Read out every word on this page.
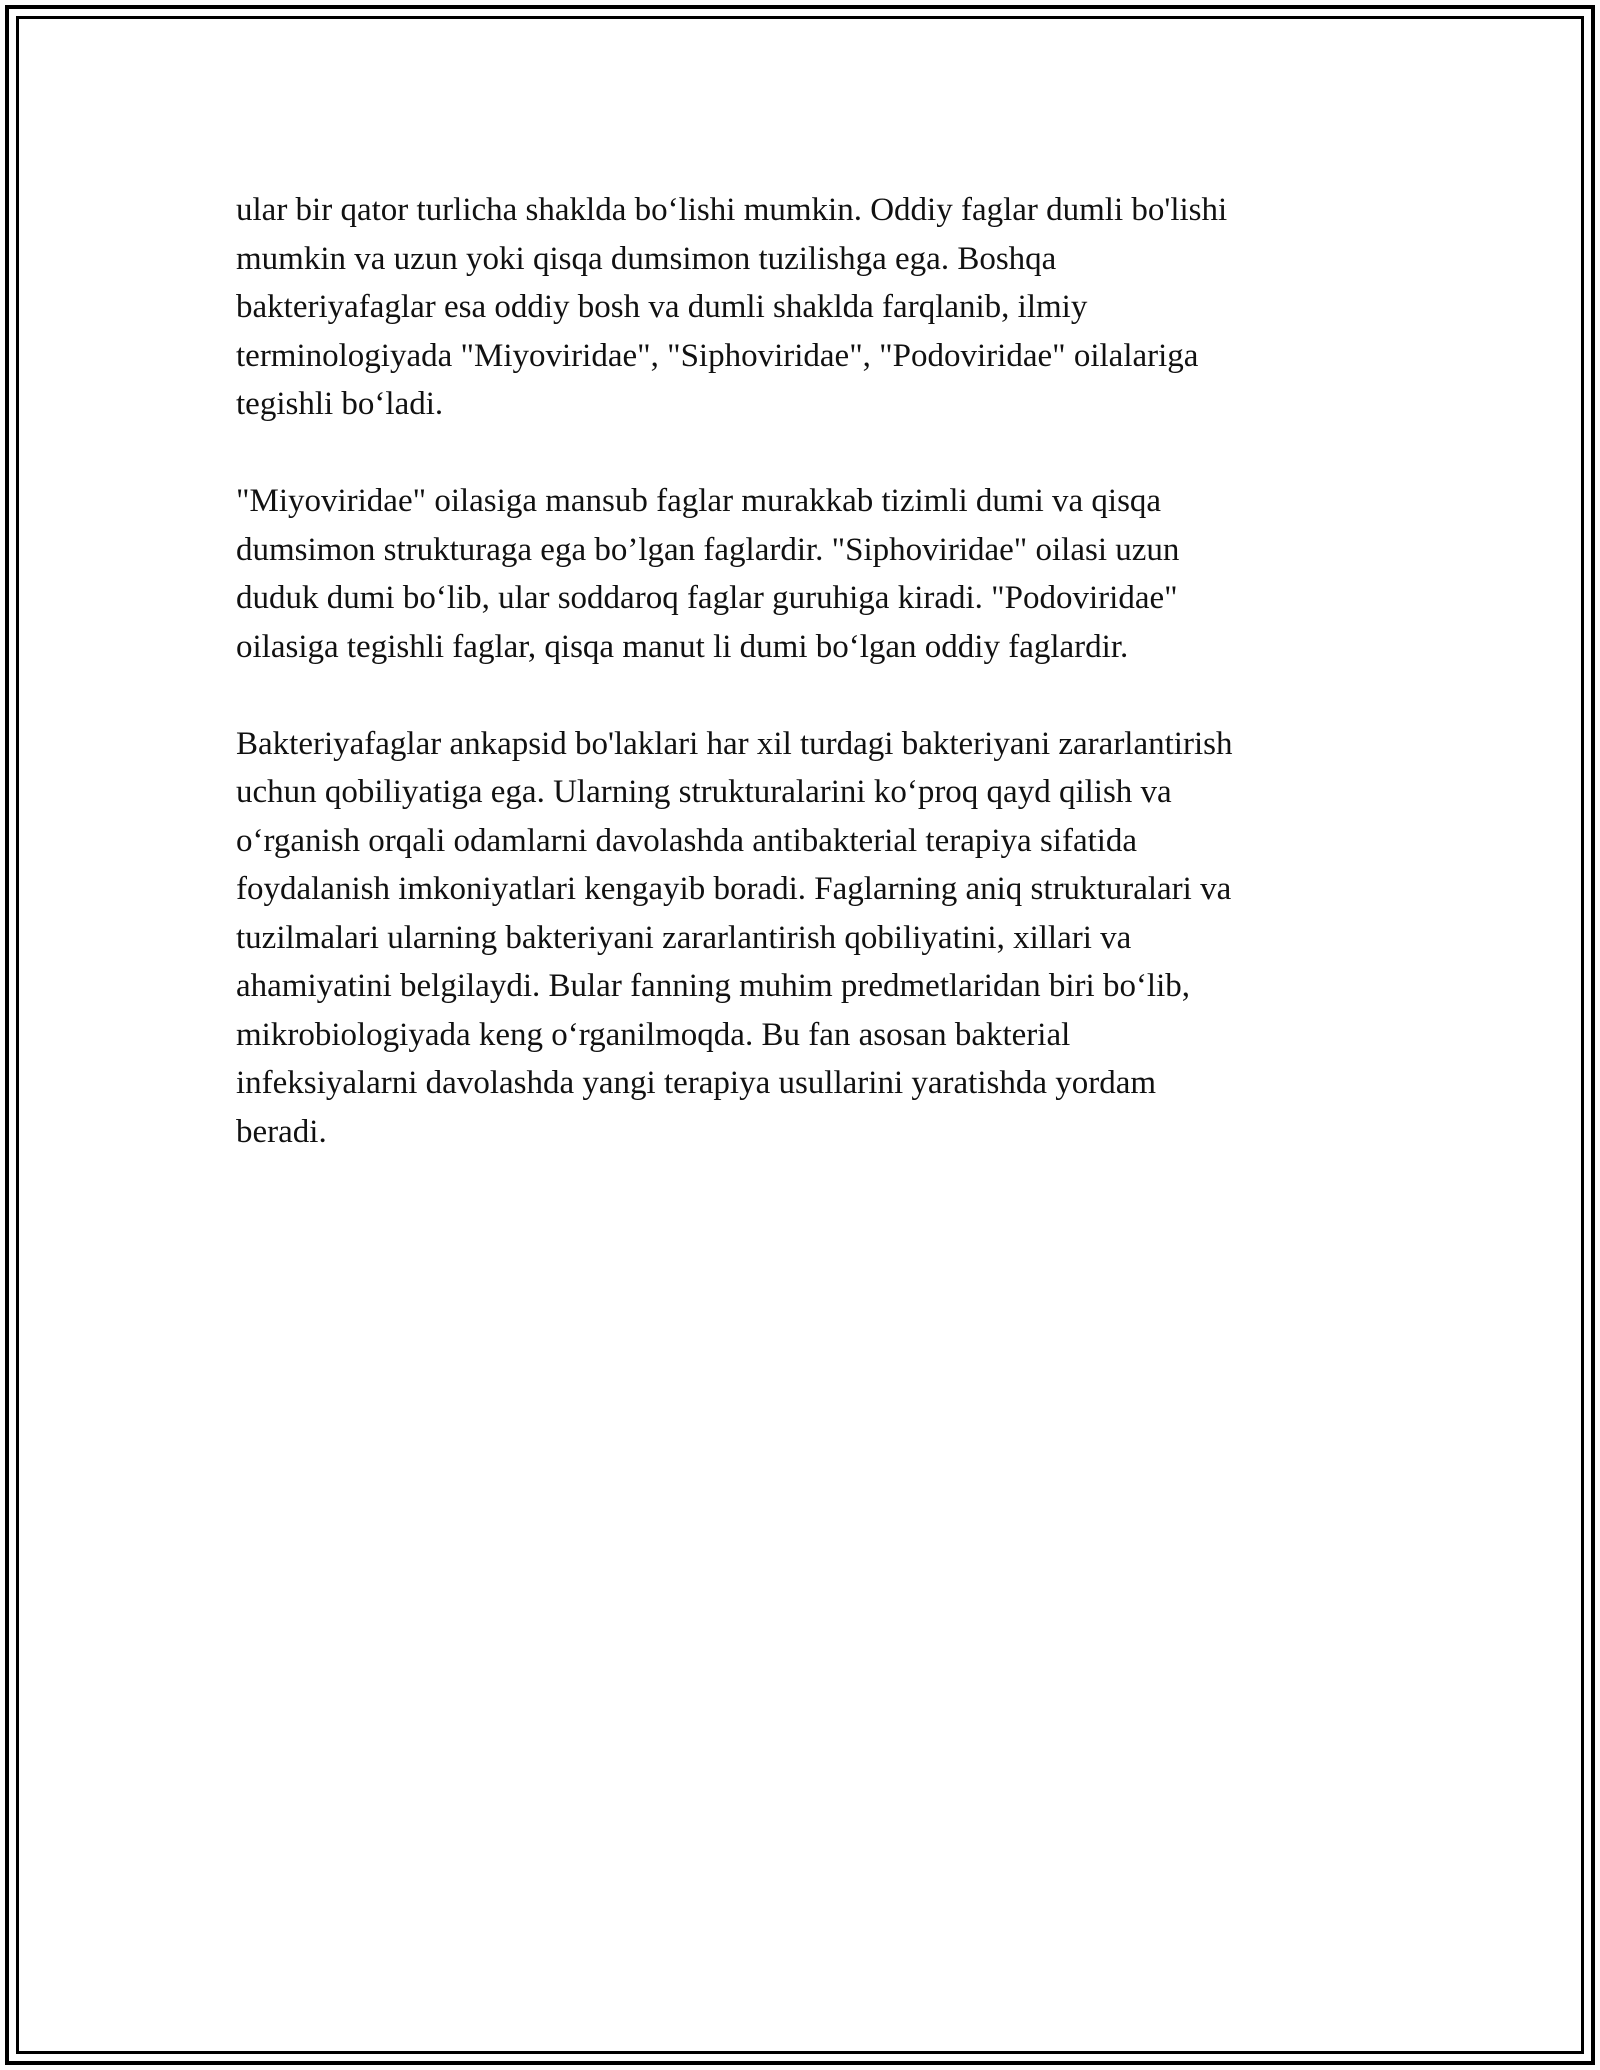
ular bir qator turlicha shaklda bo‘lishi mumkin. Oddiy faglar dumli bo'lishi
mumkin va uzun yoki qisqa dumsimon tuzilishga ega. Boshqa
bakteriyafaglar esa oddiy bosh va dumli shaklda farqlanib, ilmiy
terminologiyada "Miyoviridae", "Siphoviridae", "Podoviridae" oilalariga
tegishli bo‘ladi.

"Miyoviridae" oilasiga mansub faglar murakkab tizimli dumi va qisqa
dumsimon strukturaga ega bo’lgan faglardir. "Siphoviridae" oilasi uzun
duduk dumi bo‘lib, ular soddaroq faglar guruhiga kiradi. "Podoviridae"
oilasiga tegishli faglar, qisqa manut li dumi bo‘lgan oddiy faglardir.

Bakteriyafaglar ankapsid bo'laklari har xil turdagi bakteriyani zararlantirish
uchun qobiliyatiga ega. Ularning strukturalarini ko‘proq qayd qilish va
o‘rganish orqali odamlarni davolashda antibakterial terapiya sifatida
foydalanish imkoniyatlari kengayib boradi. Faglarning aniq strukturalari va
tuzilmalari ularning bakteriyani zararlantirish qobiliyatini, xillari va
ahamiyatini belgilaydi. Bular fanning muhim predmetlaridan biri bo‘lib,
mikrobiologiyada keng o‘rganilmoqda. Bu fan asosan bakterial
infeksiyalarni davolashda yangi terapiya usullarini yaratishda yordam
beradi.
